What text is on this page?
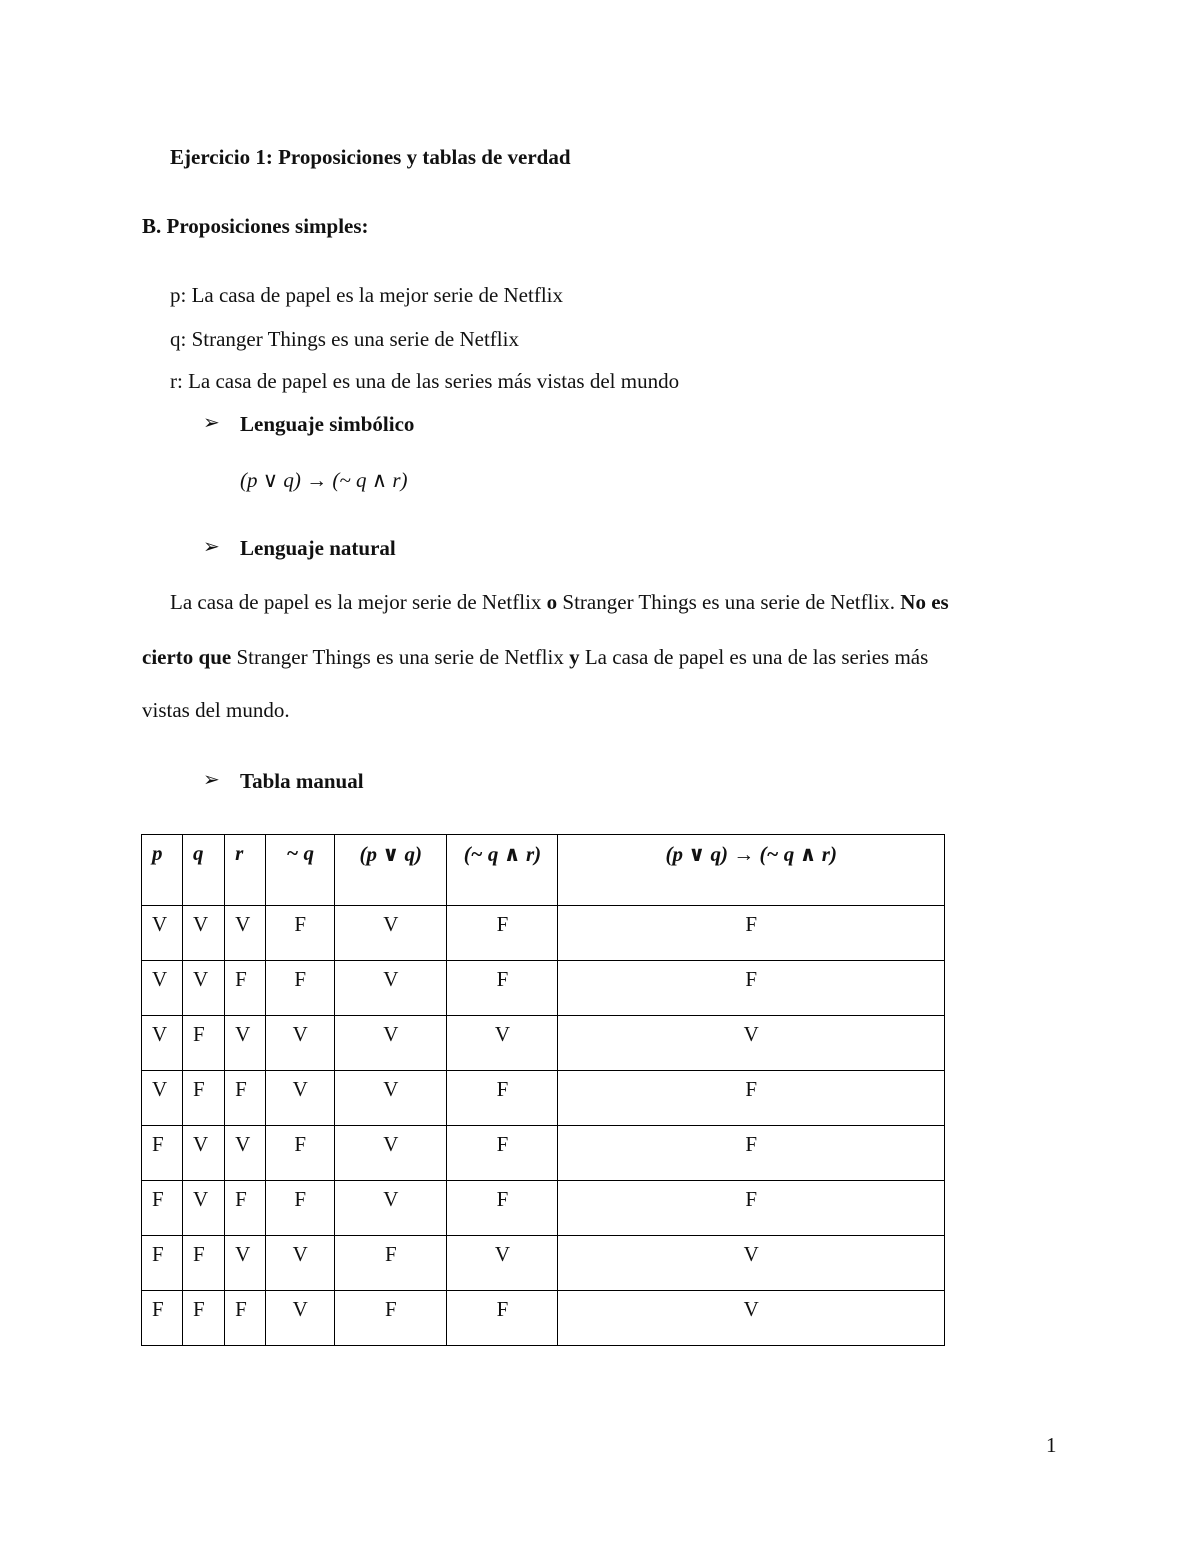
Ejercicio 1: Proposiciones y tablas de verdad
B. Proposiciones simples:
p: La casa de papel es la mejor serie de Netflix
q: Stranger Things es una serie de Netflix
r: La casa de papel es una de las series más vistas del mundo
➢ Lenguaje simbólico
(p ∨ q) → (~ q ∧ r)
➢ Lenguaje natural
La casa de papel es la mejor serie de Netflix o Stranger Things es una serie de Netflix. No es
cierto que Stranger Things es una serie de Netflix y La casa de papel es una de las series más
vistas del mundo.
➢ Tabla manual
p	q	r	~ q	(p ∨ q)	(~ q ∧ r)	(p ∨ q) → (~ q ∧ r)
V	V	V	F	V	F	F
V	V	F	F	V	F	F
V	F	V	V	V	V	V
V	F	F	V	V	F	F
F	V	V	F	V	F	F
F	V	F	F	V	F	F
F	F	V	V	F	V	V
F	F	F	V	F	F	V
1
